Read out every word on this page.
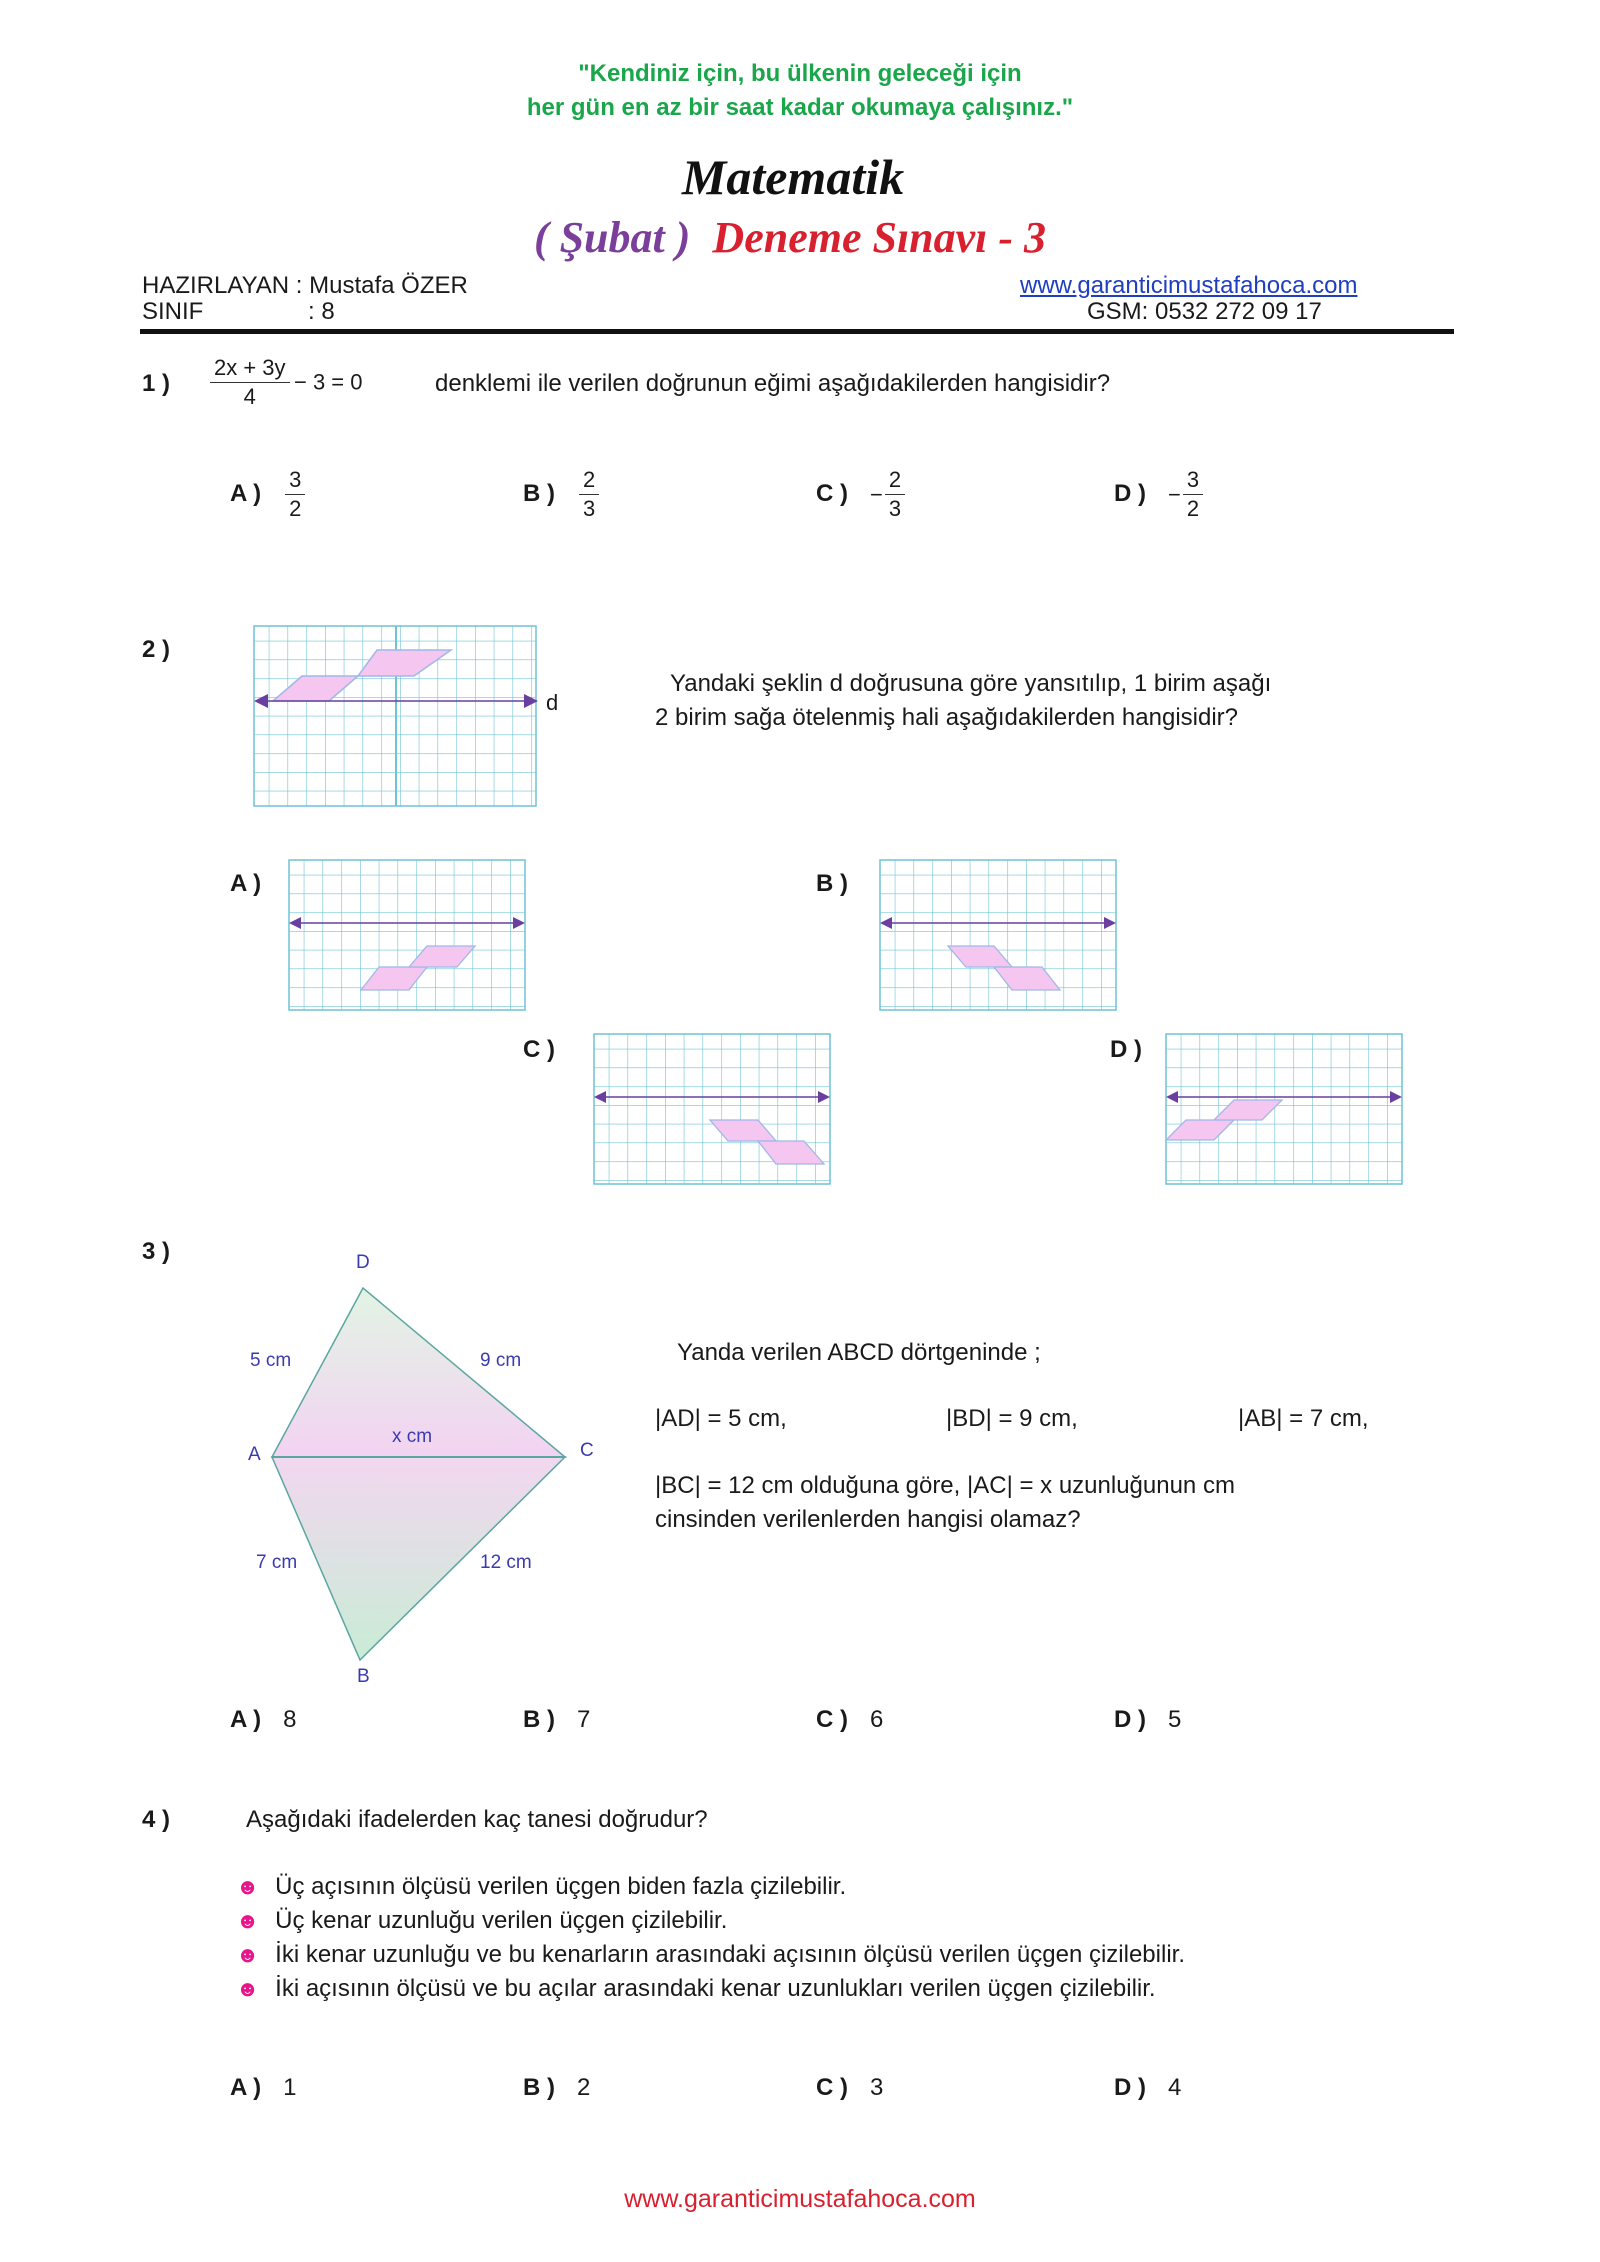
"Kendiniz için, bu ülkenin geleceği için
her gün en az bir saat kadar okumaya çalışınız."
Matematik
( Şubat ) Deneme Sınavı - 3
HAZIRLAYAN : Mustafa ÖZER
SINIF	: 8
www.garanticimustafahoca.com
GSM: 0532 272 09 17
1 ) $\frac{2x + 3y}{4} - 3 = 0$	denklemi ile verilen doğrunun eğimi aşağıdakilerden hangisidir?
A ) $\frac{3}{2}$	B ) $\frac{2}{3}$	C ) − $\frac{2}{3}$	D ) − $\frac{3}{2}$
2 )
d
Yandaki şeklin d doğrusuna göre yansıtılıp, 1 birim aşağı
2 birim sağa ötelenmiş hali aşağıdakilerden hangisidir?
A )	B )
C )	D )
3 )	D
A	C
B
5 cm	9 cm
x cm
7 cm	12 cm
Yanda verilen ABCD dörtgeninde ;
|AD| = 5 cm,	|BD| = 9 cm,	|AB| = 7 cm,
|BC| = 12 cm olduğuna göre, |AC| = x uzunluğunun cm
cinsinden verilenlerden hangisi olamaz?
A ) 8	B ) 7	C ) 6	D ) 5
4 )	Aşağıdaki ifadelerden kaç tanesi doğrudur?
☻ Üç açısının ölçüsü verilen üçgen biden fazla çizilebilir.
☻ Üç kenar uzunluğu verilen üçgen çizilebilir.
☻ İki kenar uzunluğu ve bu kenarların arasındaki açısının ölçüsü verilen üçgen çizilebilir.
☻ İki açısının ölçüsü ve bu açılar arasındaki kenar uzunlukları verilen üçgen çizilebilir.
A ) 1	B ) 2	C ) 3	D ) 4
www.garanticimustafahoca.com
